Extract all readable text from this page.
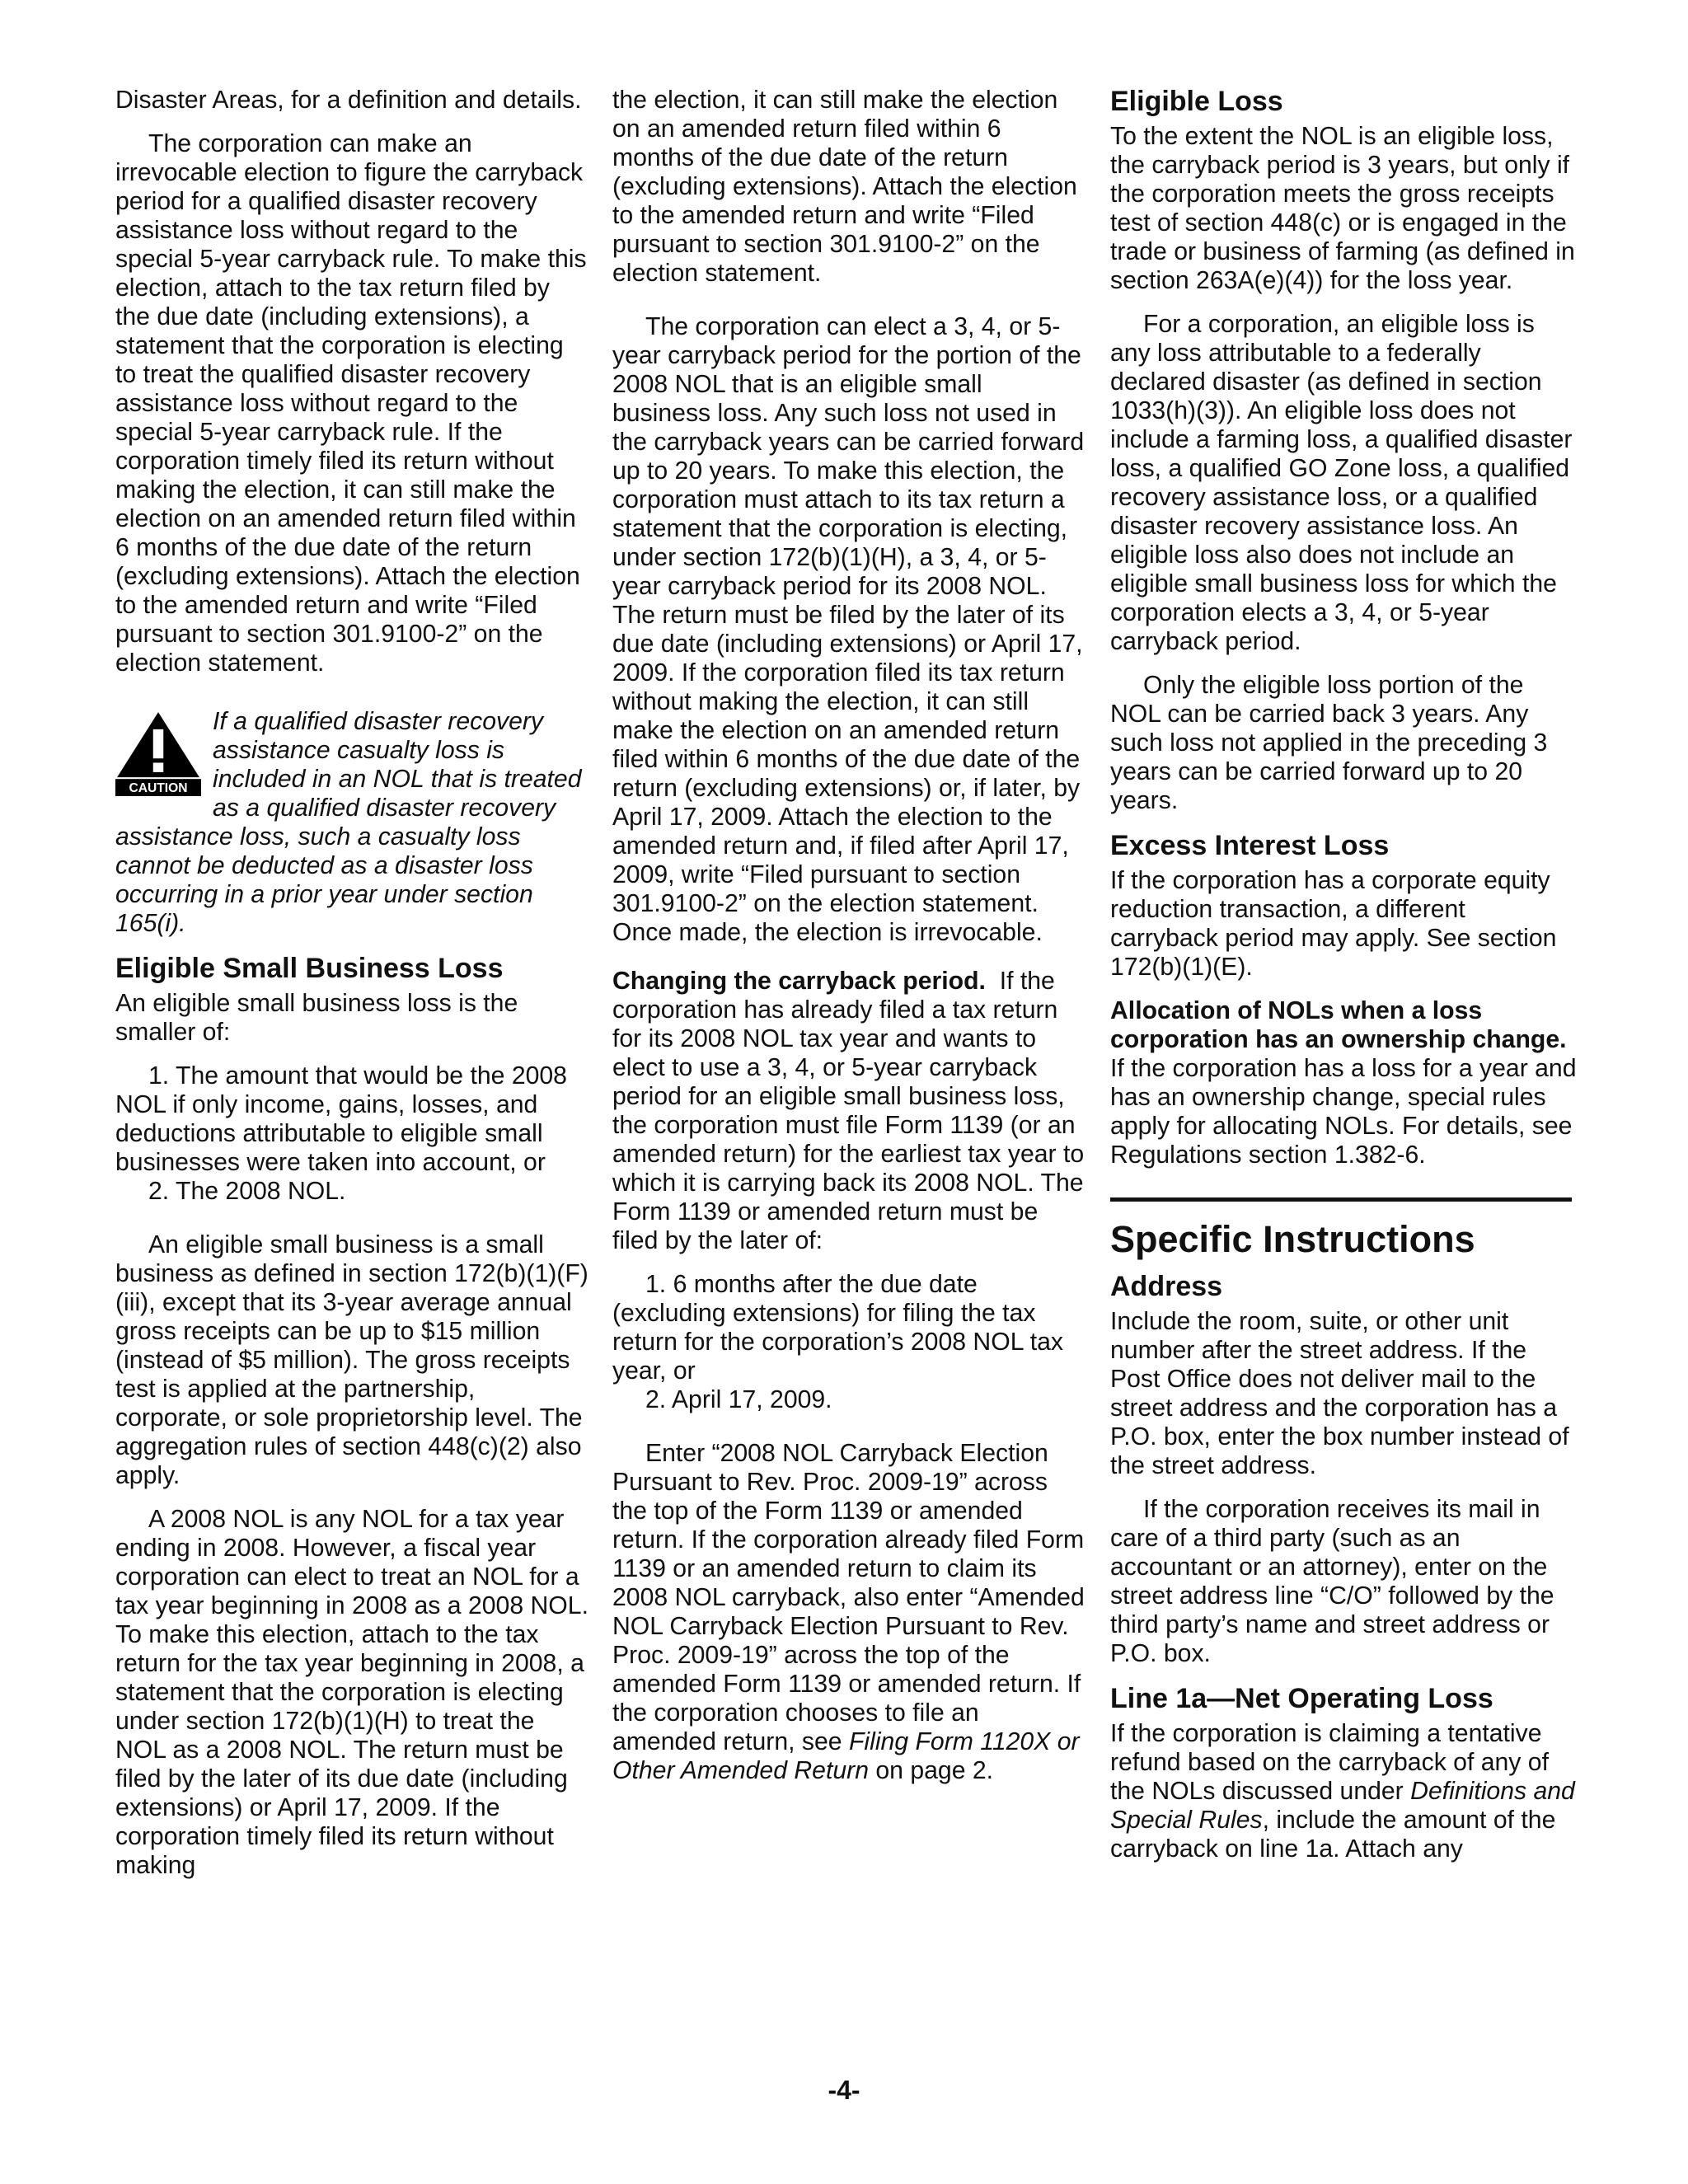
Disaster Areas, for a definition and details.

The corporation can make an irrevocable election to figure the carryback period for a qualified disaster recovery assistance loss without regard to the special 5-year carryback rule. To make this election, attach to the tax return filed by the due date (including extensions), a statement that the corporation is electing to treat the qualified disaster recovery assistance loss without regard to the special 5-year carryback rule. If the corporation timely filed its return without making the election, it can still make the election on an amended return filed within 6 months of the due date of the return (excluding extensions). Attach the election to the amended return and write “Filed pursuant to section 301.9100-2” on the election statement.

CAUTION

If a qualified disaster recovery assistance casualty loss is included in an NOL that is treated as a qualified disaster recovery assistance loss, such a casualty loss cannot be deducted as a disaster loss occurring in a prior year under section 165(i).

Eligible Small Business Loss

An eligible small business loss is the smaller of:

1. The amount that would be the 2008 NOL if only income, gains, losses, and deductions attributable to eligible small businesses were taken into account, or

2. The 2008 NOL.

An eligible small business is a small business as defined in section 172(b)(1)(F)(iii), except that its 3-year average annual gross receipts can be up to $15 million (instead of $5 million). The gross receipts test is applied at the partnership, corporate, or sole proprietorship level. The aggregation rules of section 448(c)(2) also apply.

A 2008 NOL is any NOL for a tax year ending in 2008. However, a fiscal year corporation can elect to treat an NOL for a tax year beginning in 2008 as a 2008 NOL. To make this election, attach to the tax return for the tax year beginning in 2008, a statement that the corporation is electing under section 172(b)(1)(H) to treat the NOL as a 2008 NOL. The return must be filed by the later of its due date (including extensions) or April 17, 2009. If the corporation timely filed its return without making

the election, it can still make the election on an amended return filed within 6 months of the due date of the return (excluding extensions). Attach the election to the amended return and write “Filed pursuant to section 301.9100-2” on the election statement.

The corporation can elect a 3, 4, or 5-year carryback period for the portion of the 2008 NOL that is an eligible small business loss. Any such loss not used in the carryback years can be carried forward up to 20 years. To make this election, the corporation must attach to its tax return a statement that the corporation is electing, under section 172(b)(1)(H), a 3, 4, or 5-year carryback period for its 2008 NOL. The return must be filed by the later of its due date (including extensions) or April 17, 2009. If the corporation filed its tax return without making the election, it can still make the election on an amended return filed within 6 months of the due date of the return (excluding extensions) or, if later, by April 17, 2009. Attach the election to the amended return and, if filed after April 17, 2009, write “Filed pursuant to section 301.9100-2” on the election statement. Once made, the election is irrevocable.

Changing the carryback period. If the corporation has already filed a tax return for its 2008 NOL tax year and wants to elect to use a 3, 4, or 5-year carryback period for an eligible small business loss, the corporation must file Form 1139 (or an amended return) for the earliest tax year to which it is carrying back its 2008 NOL. The Form 1139 or amended return must be filed by the later of:

1. 6 months after the due date (excluding extensions) for filing the tax return for the corporation’s 2008 NOL tax year, or

2. April 17, 2009.

Enter “2008 NOL Carryback Election Pursuant to Rev. Proc. 2009-19” across the top of the Form 1139 or amended return. If the corporation already filed Form 1139 or an amended return to claim its 2008 NOL carryback, also enter “Amended NOL Carryback Election Pursuant to Rev. Proc. 2009-19” across the top of the amended Form 1139 or amended return. If the corporation chooses to file an amended return, see Filing Form 1120X or Other Amended Return on page 2.

Eligible Loss

To the extent the NOL is an eligible loss, the carryback period is 3 years, but only if the corporation meets the gross receipts test of section 448(c) or is engaged in the trade or business of farming (as defined in section 263A(e)(4)) for the loss year.

For a corporation, an eligible loss is any loss attributable to a federally declared disaster (as defined in section 1033(h)(3)). An eligible loss does not include a farming loss, a qualified disaster loss, a qualified GO Zone loss, a qualified recovery assistance loss, or a qualified disaster recovery assistance loss. An eligible loss also does not include an eligible small business loss for which the corporation elects a 3, 4, or 5-year carryback period.

Only the eligible loss portion of the NOL can be carried back 3 years. Any such loss not applied in the preceding 3 years can be carried forward up to 20 years.

Excess Interest Loss

If the corporation has a corporate equity reduction transaction, a different carryback period may apply. See section 172(b)(1)(E).

Allocation of NOLs when a loss corporation has an ownership change.  If the corporation has a loss for a year and has an ownership change, special rules apply for allocating NOLs. For details, see Regulations section 1.382-6.

Specific Instructions
Address

Include the room, suite, or other unit number after the street address. If the Post Office does not deliver mail to the street address and the corporation has a P.O. box, enter the box number instead of the street address.

If the corporation receives its mail in care of a third party (such as an accountant or an attorney), enter on the street address line “C/O” followed by the third party’s name and street address or P.O. box.

Line 1a—Net Operating Loss

If the corporation is claiming a tentative refund based on the carryback of any of the NOLs discussed under Definitions and Special Rules, include the amount of the carryback on line 1a. Attach any

-4-
